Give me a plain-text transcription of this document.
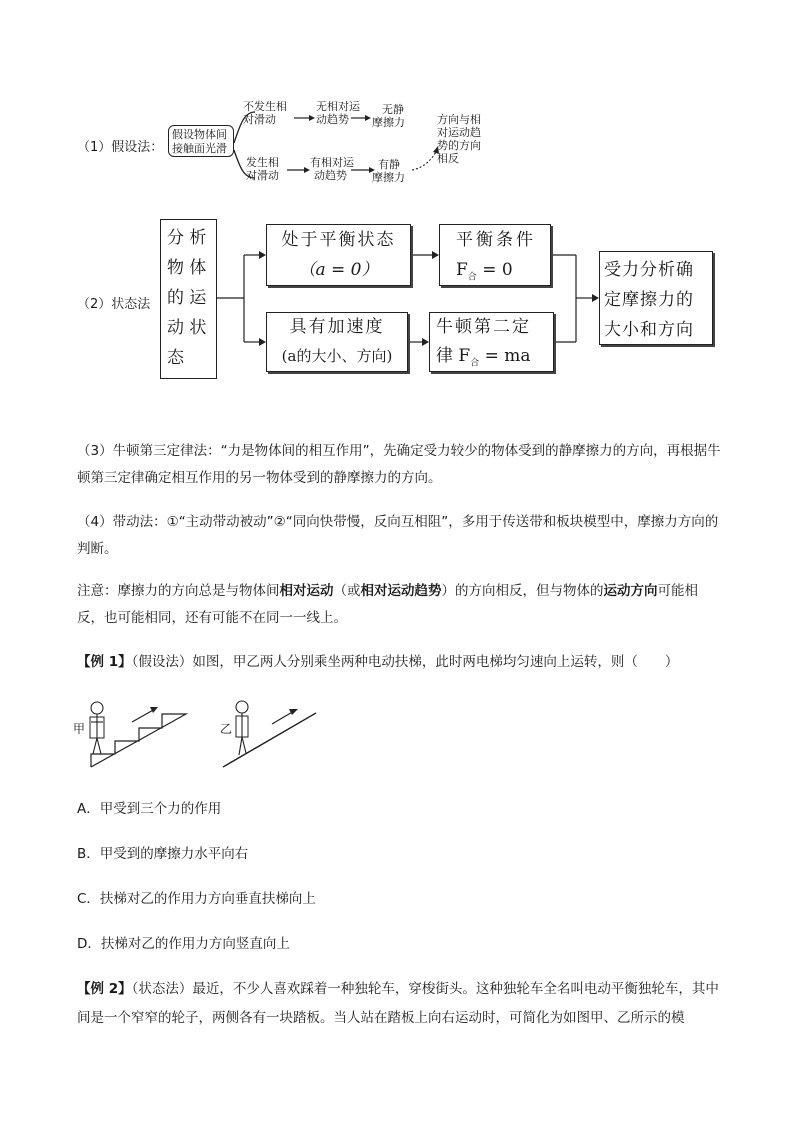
（1）假设法：
假设物体间
接触面光滑
不发生相
对滑动
无相对运
动趋势
无静
摩擦力
发生相
对滑动
有相对运
动趋势
有静
摩擦力
方向与相
对运动趋
势的方向
相反
（2）状态法
分 析
物 体
的 运
动 状
态
处于平衡状态
（a = 0）
平衡条件
$F_合 = 0$
具有加速度
(a的大小、方向)
牛顿第二定
律 $F_合$ = ma
受力分析确
定摩擦力的
大小和方向
（3）牛顿第三定律法：“力是物体间的相互作用”，先确定受力较少的物体受到的静摩擦力的方向，再根据牛顿第三定律确定相互作用的另一物体受到的静摩擦力的方向。
（4）带动法：①“主动带动被动”②“同向快带慢，反向互相阻”，多用于传送带和板块模型中，摩擦力方向的判断。
注意：摩擦力的方向总是与物体间相对运动（或相对运动趋势）的方向相反，但与物体的运动方向可能相反，也可能相同，还有可能不在同一一线上。
【例 1】（假设法）如图，甲乙两人分别乘坐两种电动扶梯，此时两电梯均匀速向上运转，则（　　）
甲	乙
A．甲受到三个力的作用
B．甲受到的摩擦力水平向右
C．扶梯对乙的作用力方向垂直扶梯向上
D．扶梯对乙的作用力方向竖直向上
【例 2】（状态法）最近，不少人喜欢踩着一种独轮车，穿梭街头。这种独轮车全名叫电动平衡独轮车，其中间是一个窄窄的轮子，两侧各有一块踏板。当人站在踏板上向右运动时，可简化为如图甲、乙所示的模
